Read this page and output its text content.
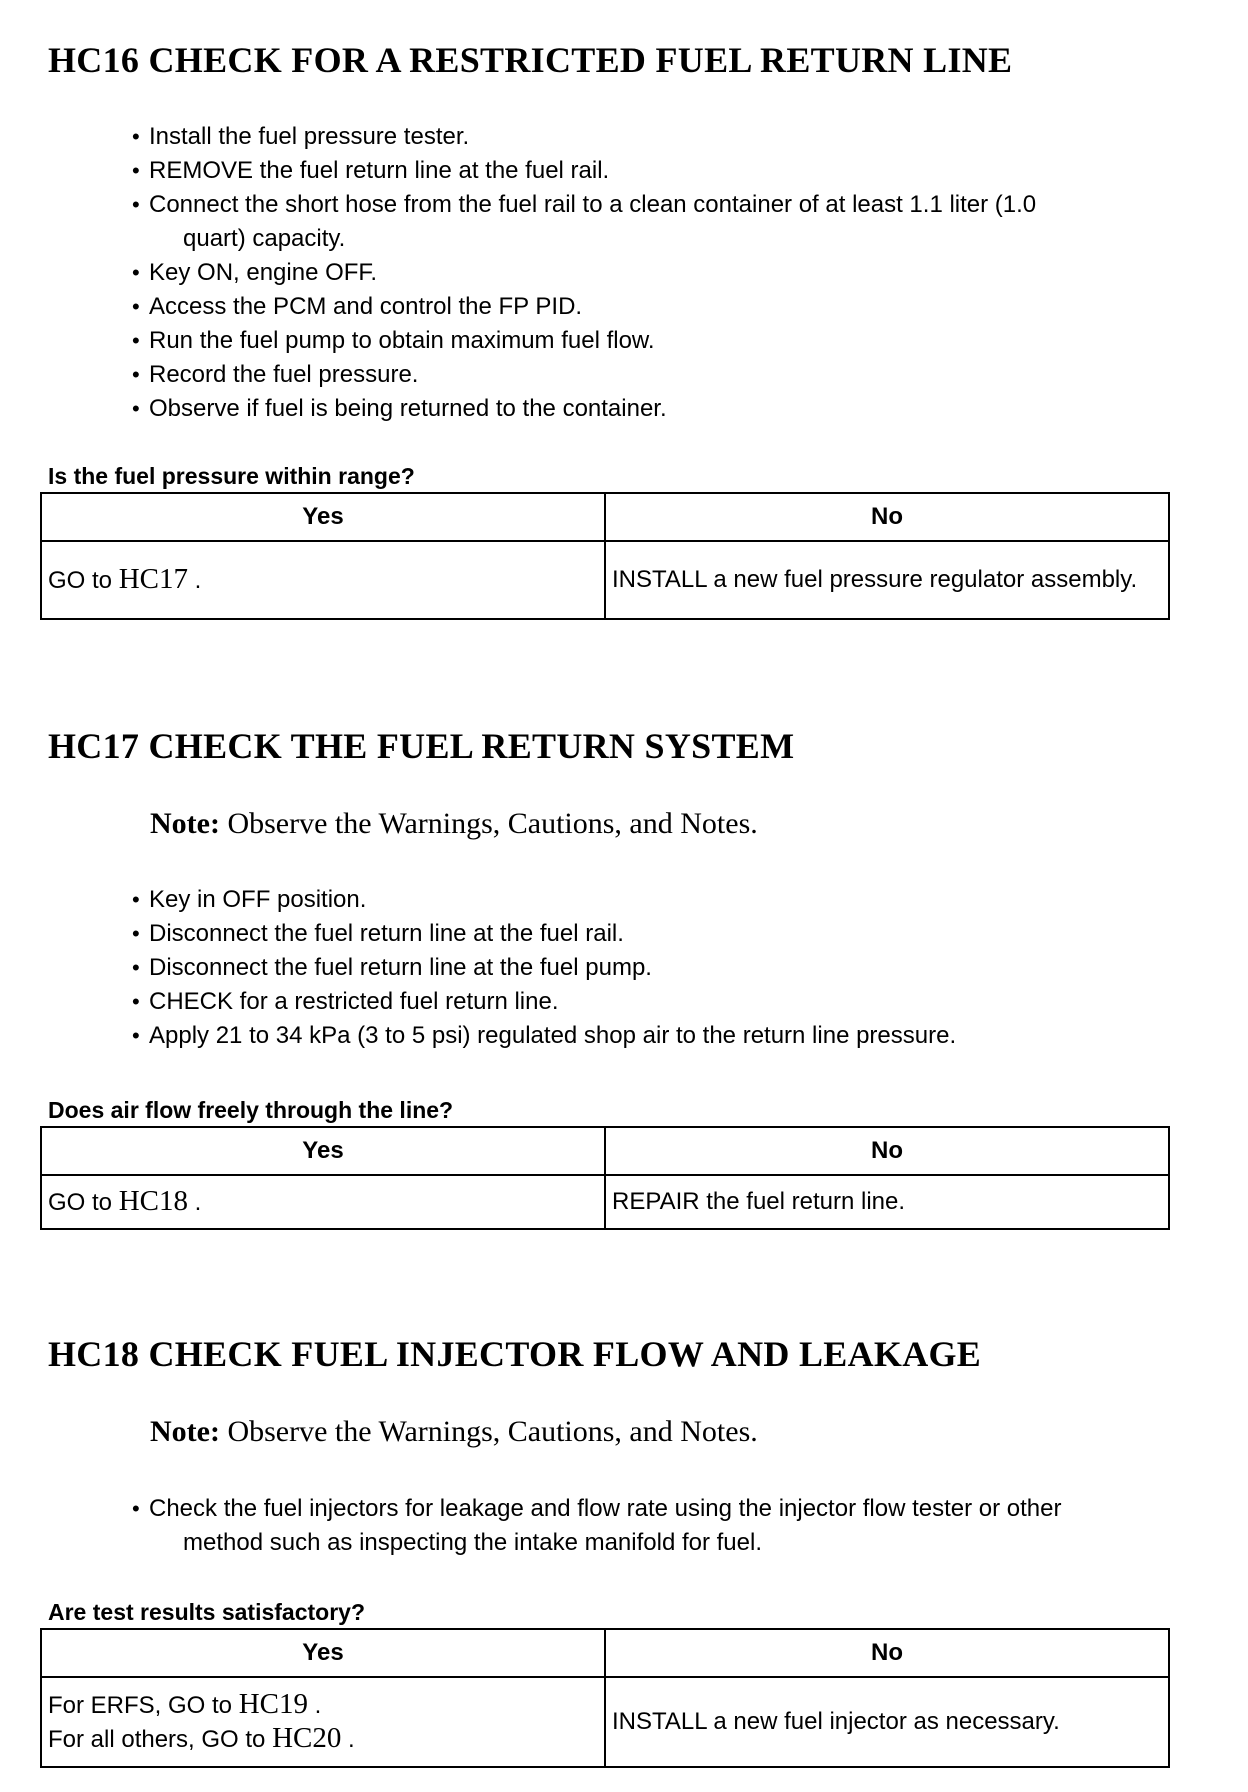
HC16 CHECK FOR A RESTRICTED FUEL RETURN LINE
• Install the fuel pressure tester.
• REMOVE the fuel return line at the fuel rail.
• Connect the short hose from the fuel rail to a clean container of at least 1.1 liter (1.0
quart) capacity.
• Key ON, engine OFF.
• Access the PCM and control the FP PID.
• Run the fuel pump to obtain maximum fuel flow.
• Record the fuel pressure.
• Observe if fuel is being returned to the container.
Is the fuel pressure within range?
Yes	No
GO to HC17 .	INSTALL a new fuel pressure regulator assembly.
HC17 CHECK THE FUEL RETURN SYSTEM
Note: Observe the Warnings, Cautions, and Notes.
• Key in OFF position.
• Disconnect the fuel return line at the fuel rail.
• Disconnect the fuel return line at the fuel pump.
• CHECK for a restricted fuel return line.
• Apply 21 to 34 kPa (3 to 5 psi) regulated shop air to the return line pressure.
Does air flow freely through the line?
Yes	No
GO to HC18 .	REPAIR the fuel return line.
HC18 CHECK FUEL INJECTOR FLOW AND LEAKAGE
Note: Observe the Warnings, Cautions, and Notes.
• Check the fuel injectors for leakage and flow rate using the injector flow tester or other
method such as inspecting the intake manifold for fuel.
Are test results satisfactory?
Yes	No

For ERFS, GO to HC19 .
For all others, GO to HC20 .	INSTALL a new fuel injector as necessary.
